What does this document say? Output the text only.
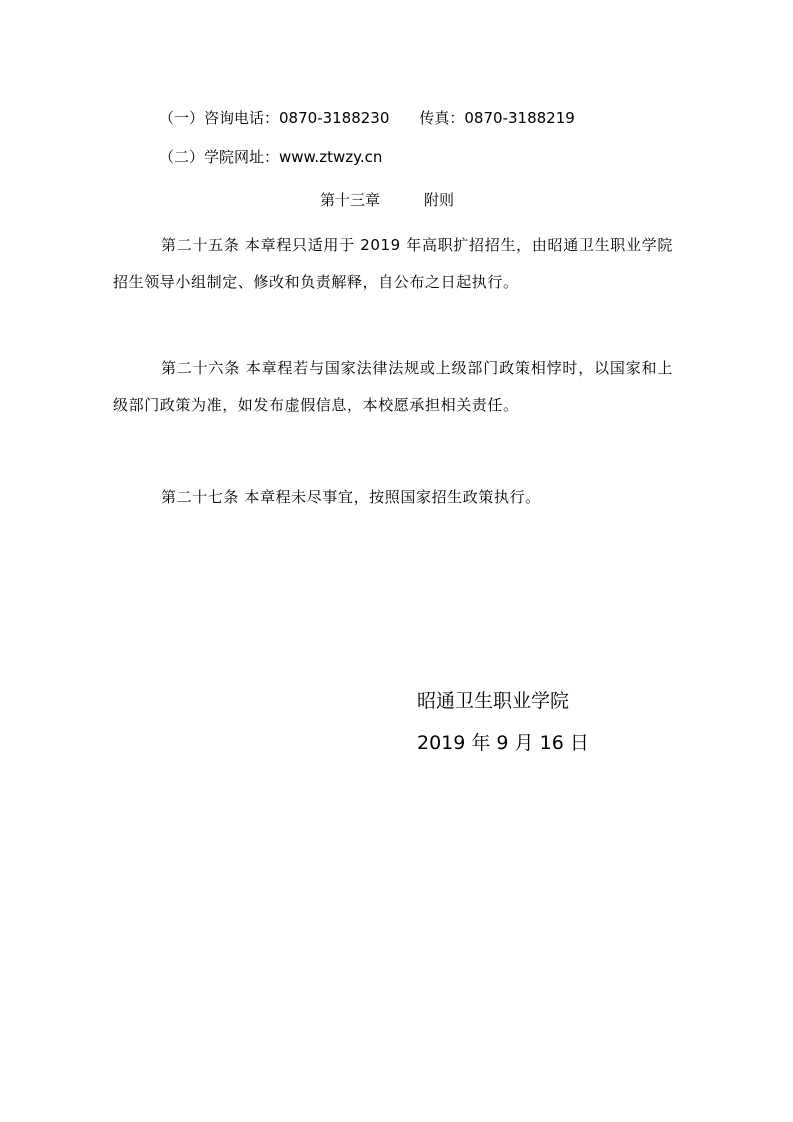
（一）咨询电话：0870-3188230　　传真：0870-3188219
（二）学院网址：www.ztwzy.cn
第十三章	附则
第二十五条 本章程只适用于 2019 年高职扩招招生，由昭通卫生职业学院招生领导小组制定、修改和负责解释，自公布之日起执行。
第二十六条 本章程若与国家法律法规或上级部门政策相悖时，以国家和上级部门政策为准，如发布虚假信息，本校愿承担相关责任。
第二十七条 本章程未尽事宜，按照国家招生政策执行。
昭通卫生职业学院
2019 年 9 月 16 日
